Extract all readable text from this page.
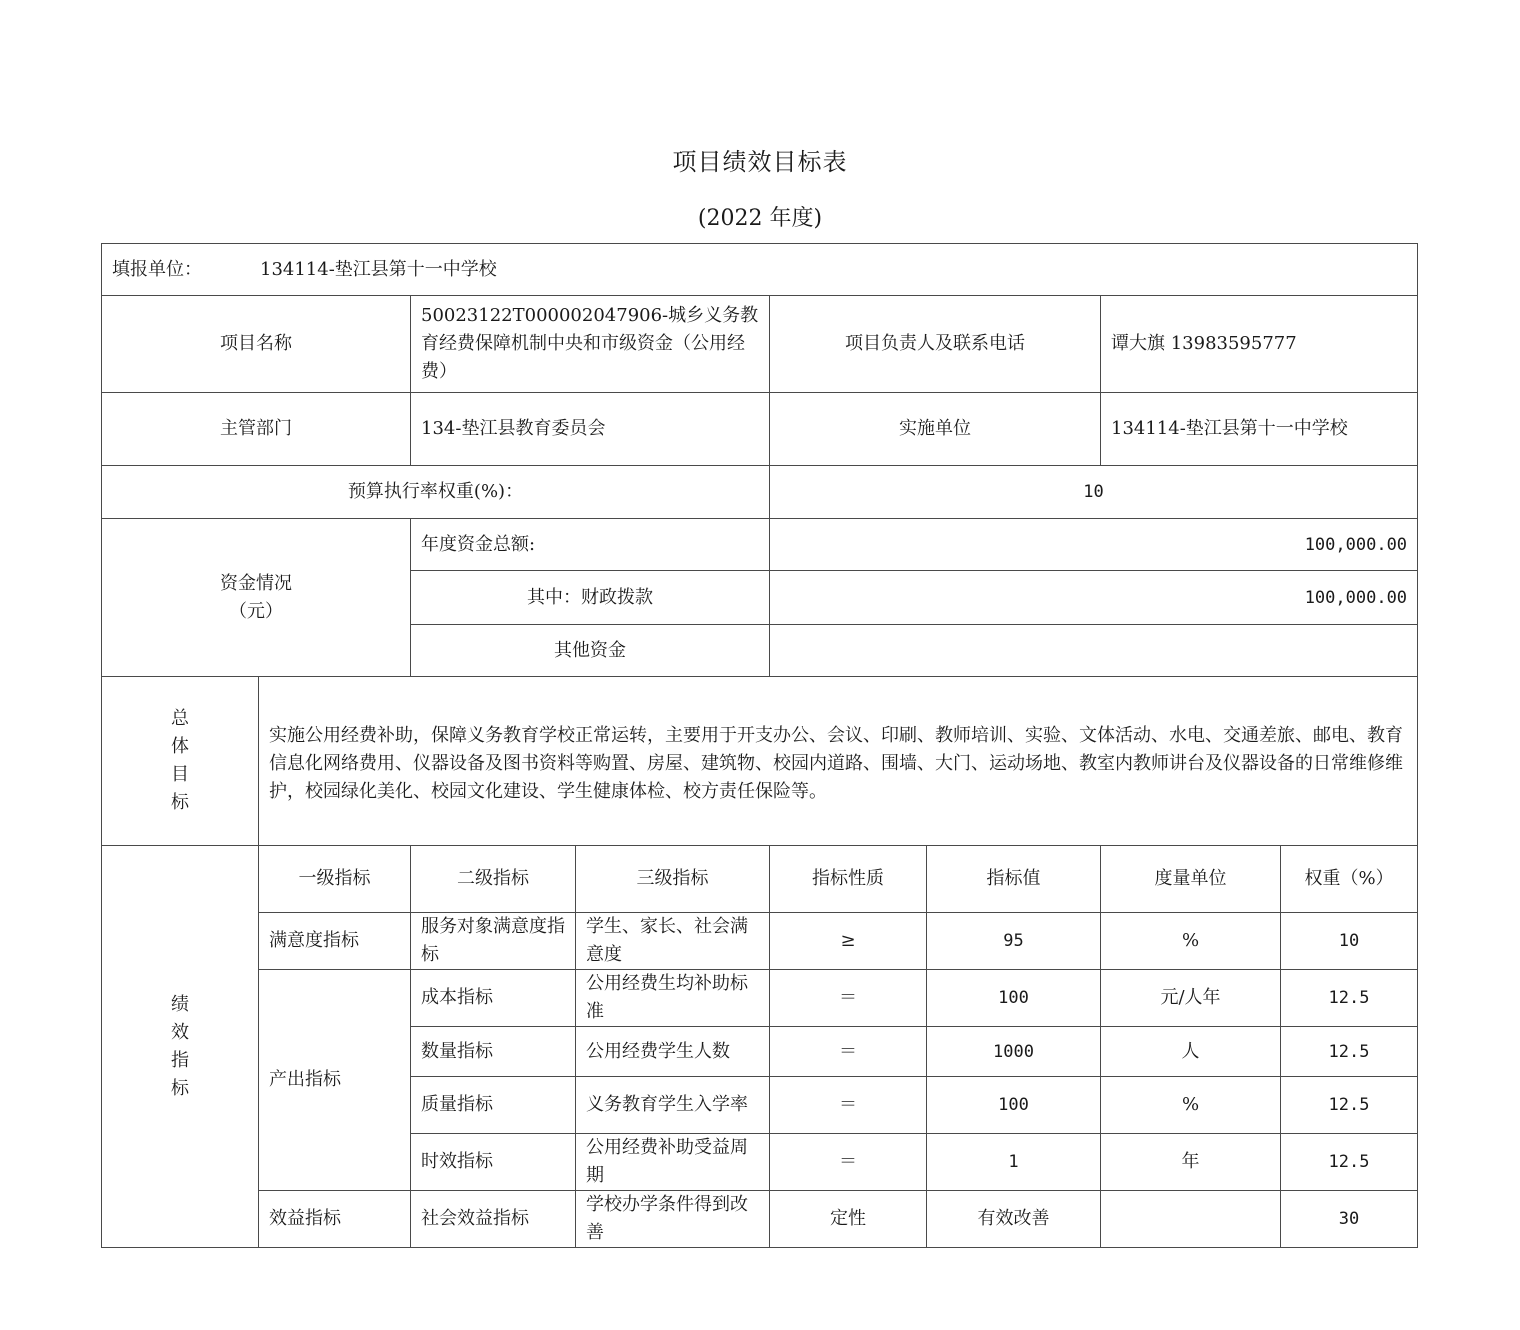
项目绩效目标表
(2022 年度)
填报单位： 134114-垫江县第十一中学校							
项目名称		50023122T000002047906-城乡义务教育经费保障机制中央和市级资金（公用经费）		项目负责人及联系电话		谭大旗 13983595777	
主管部门		134-垫江县教育委员会		实施单位		134114-垫江县第十一中学校	
预算执行率权重(%)：				10			

资金情况
（元）		年度资金总额:		100,000.00			
		其中：财政拨款		100,000.00			
		其他资金					

总
体
目
标	实施公用经费补助，保障义务教育学校正常运转，主要用于开支办公、会议、印刷、教师培训、实验、文体活动、水电、交通差旅、邮电、教育信息化网络费用、仪器设备及图书资料等购置、房屋、建筑物、校园内道路、围墙、大门、运动场地、教室内教师讲台及仪器设备的日常维修维护，校园绿化美化、校园文化建设、学生健康体检、校方责任保险等。						

绩
效
指
标	一级指标	二级指标	三级指标	指标性质	指标值	度量单位	权重（%）
	满意度指标	服务对象满意度指标	学生、家长、社会满意度	≥	95	%	10
	产出指标	成本指标	公用经费生均补助标准	＝	100	元/人年	12.5
		数量指标	公用经费学生人数	＝	1000	人	12.5
		质量指标	义务教育学生入学率	＝	100	%	12.5
		时效指标	公用经费补助受益周期	＝	1	年	12.5
	效益指标	社会效益指标	学校办学条件得到改善	定性	有效改善		30
